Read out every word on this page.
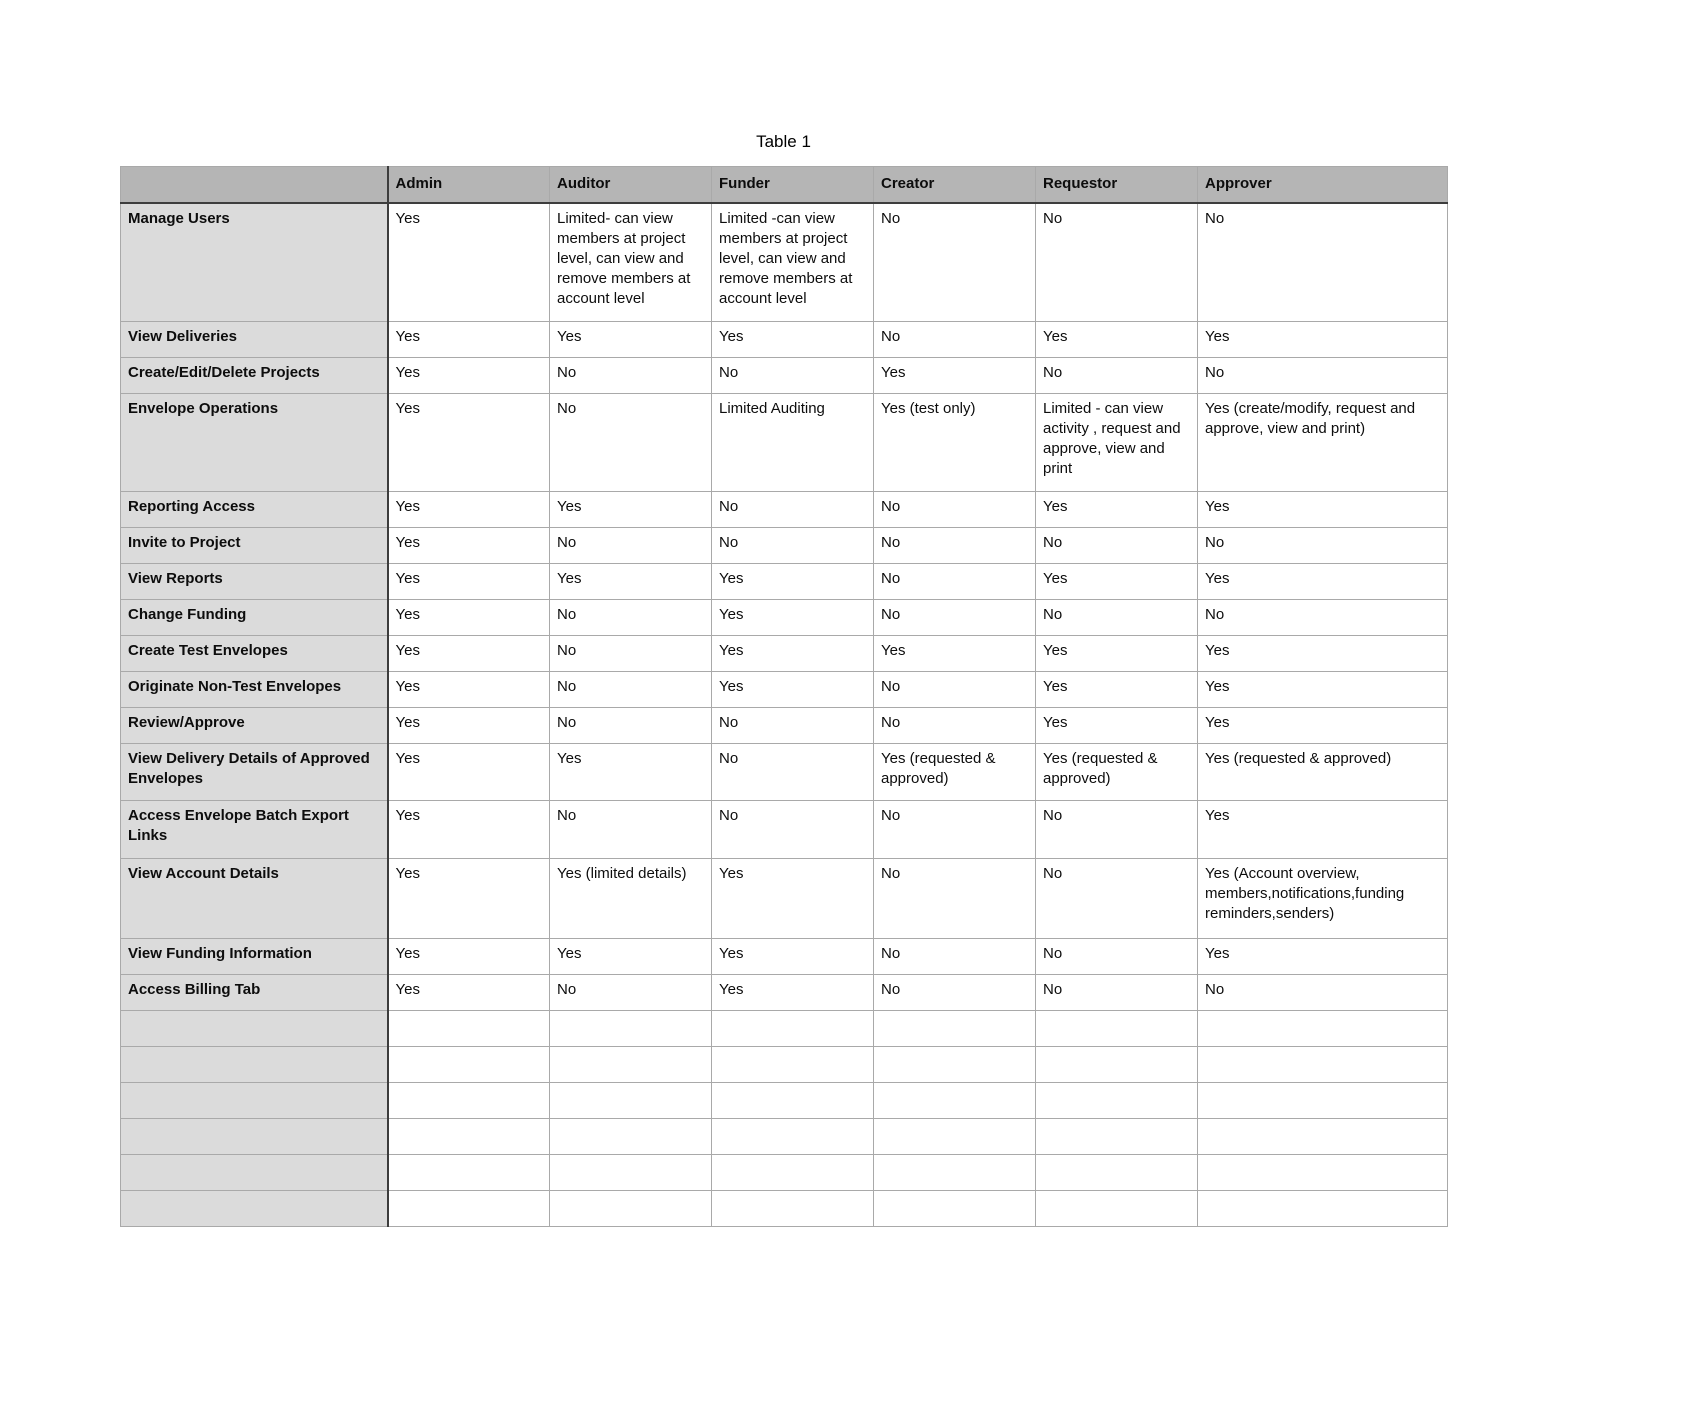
Table 1
	Admin	Auditor	Funder	Creator	Requestor	Approver
Manage Users	Yes	Limited- can view members at project level, can view and remove members at account level	Limited -can view members at project level, can view and remove members at account level	No	No	No
View Deliveries	Yes	Yes	Yes	No	Yes	Yes
Create/Edit/Delete Projects	Yes	No	No	Yes	No	No
Envelope Operations	Yes	No	Limited Auditing	Yes (test only)	Limited - can view activity , request and approve, view and print	Yes (create/modify, request and approve, view and print)
Reporting Access	Yes	Yes	No	No	Yes	Yes
Invite to Project	Yes	No	No	No	No	No
View Reports	Yes	Yes	Yes	No	Yes	Yes
Change Funding	Yes	No	Yes	No	No	No
Create Test Envelopes	Yes	No	Yes	Yes	Yes	Yes
Originate Non-Test Envelopes	Yes	No	Yes	No	Yes	Yes
Review/Approve	Yes	No	No	No	Yes	Yes
View Delivery Details of Approved Envelopes	Yes	Yes	No	Yes (requested & approved)	Yes (requested & approved)	Yes (requested & approved)
Access Envelope Batch Export Links	Yes	No	No	No	No	Yes
View Account Details	Yes	Yes (limited details)	Yes	No	No	Yes (Account overview, members,notifications,funding reminders,senders)
View Funding Information	Yes	Yes	Yes	No	No	Yes
Access Billing Tab	Yes	No	Yes	No	No	No
